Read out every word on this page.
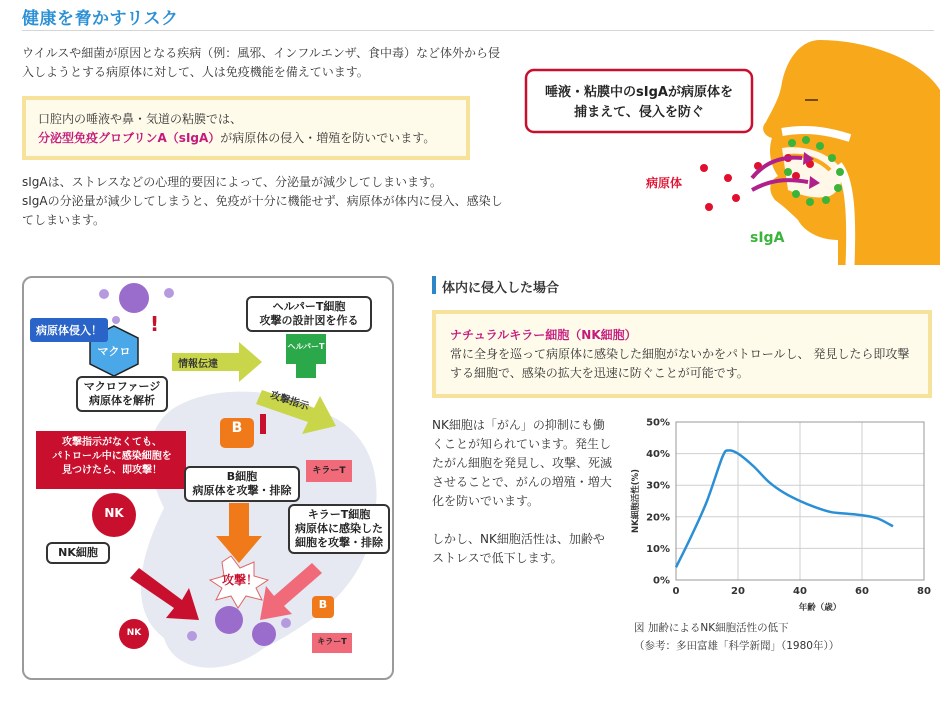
健康を脅かすリスク
ウイルスや細菌が原因となる疾病（例：風邪、インフルエンザ、食中毒）など体外から侵
入しようとする病原体に対して、人は免疫機能を備えています。
口腔内の唾液や鼻・気道の粘膜では、
分泌型免疫グロブリンA（sIgA）が病原体の侵入・増殖を防いでいます。
sIgAは、ストレスなどの心理的要因によって、分泌量が減少してしまいます。
sIgAの分泌量が減少してしまうと、免疫が十分に機能せず、病原体が体内に侵入、感染し
てしまいます。
唾液・粘膜中のsIgAが病原体を
捕まえて、侵入を防ぐ
病原体
sIgA
病原体侵入！	!
マクロ
マクロファージ
病原体を解析
情報伝達
ヘルパーT細胞
攻撃の設計図を作る
ヘルパーT
攻撃指示
攻撃指示がなくても、
パトロール中に感染細胞を
見つけたら、即攻撃！
B
B細胞
病原体を攻撃・排除
キラーT
キラーT細胞
病原体に感染した
細胞を攻撃・排除
NK
NK細胞
攻撃！
B
キラーT
NK
体内に侵入した場合
ナチュラルキラー細胞（NK細胞）
常に全身を巡って病原体に感染した細胞がないかをパトロールし、 発見したら即攻撃
する細胞で、感染の拡大を迅速に防ぐことが可能です。
NK細胞は「がん」の抑制にも働
くことが知られています。発生し
たがん細胞を発見し、攻撃、死滅
させることで、がんの増殖・増大
化を防いでいます。
しかし、NK細胞活性は、加齢や
ストレスで低下します。
0%
10%
20%
30%
40%
50%
0	20	40	60	80
NK細胞活性(%)
年齢（歳）
図 加齢によるNK細胞活性の低下
（参考：多田富雄「科学新聞」（1980年））
